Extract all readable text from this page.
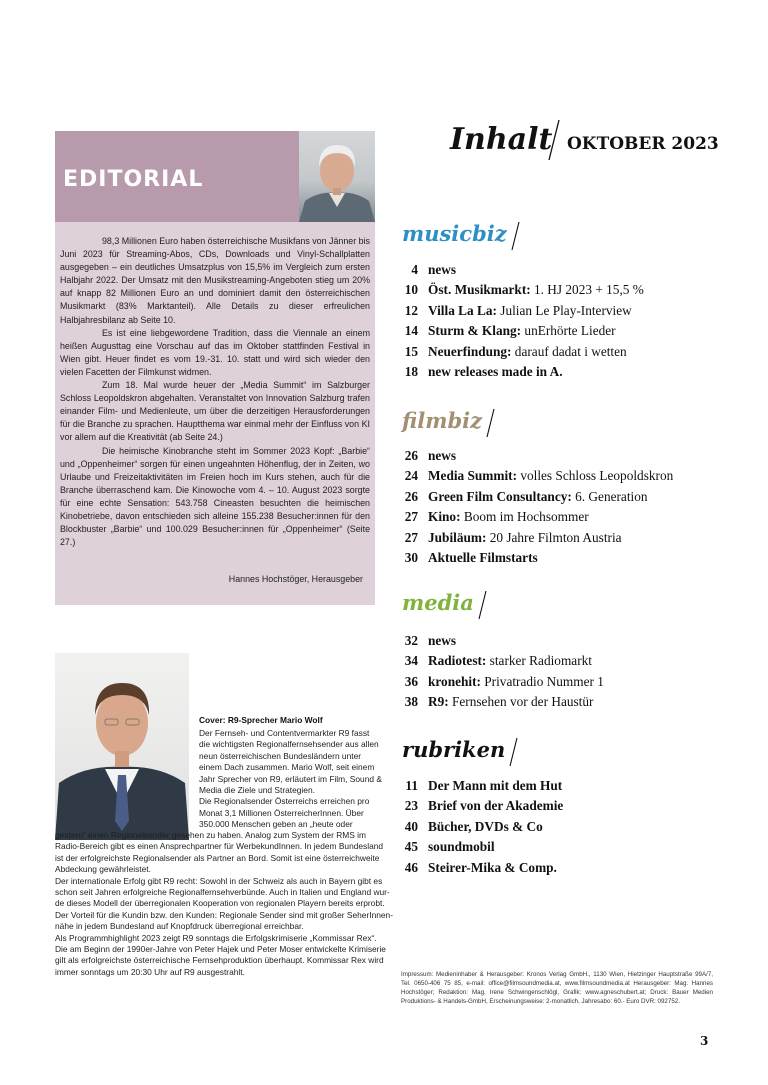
EDITORIAL

98,3 Millionen Euro haben österreichische Musikfans von Jänner bis Juni 2023 für Streaming-Abos, CDs, Downloads und Vinyl-Schallplatten ausgegeben – ein deutliches Umsatzplus von 15,5% im Vergleich zum ersten Halbjahr 2022. Der Umsatz mit den Musikstreaming-Angeboten stieg um 20% auf knapp 82 Millionen Euro an und dominiert damit den österreichischen Musikmarkt (83% Marktanteil). Alle Details zu dieser erfreulichen Halbjahresbilanz ab Seite 10.

Es ist eine liebgewordene Tradition, dass die Viennale an einem heißen Augusttag eine Vorschau auf das im Oktober stattfinden Festival in Wien gibt. Heuer findet es vom 19.-31. 10. statt und wird sich wieder den vielen Facetten der Filmkunst widmen.

Zum 18. Mal wurde heuer der „Media Summit“ im Salzburger Schloss Leopoldskron abgehalten. Veranstaltet von Innovation Salzburg trafen einander Film- und Medienleute, um über die derzeitigen Herausforderungen für die Branche zu sprachen. Hauptthema war einmal mehr der Einfluss von KI vor allem auf die Kreativität (ab Seite 24.)

Die heimische Kinobranche steht im Sommer 2023 Kopf: „Barbie“ und „Oppenheimer“ sorgen für einen ungeahnten Höhenflug, der in Zeiten, wo Urlaube und Freizeitaktivitäten im Freien hoch im Kurs stehen, auch für die Branche überraschend kam. Die Kinowoche vom 4. – 10. August 2023 sorgte für eine echte Sensation: 543.758 Cineasten besuchten die heimischen Kinobetriebe, davon entschieden sich alleine 155.238 Besucher:innen für den Blockbuster „Barbie“ und 100.029 Besucher:innen für „Oppenheimer“ (Seite 27.)

Hannes Hochstöger, Herausgeber
Cover: R9-Sprecher Mario Wolf
Der Fernseh- und Contentvermarkter R9 fasst
die wichtigsten Regionalfernsehsender aus allen
neun österreichischen Bundesländern unter
einem Dach zusammen. Mario Wolf, seit einem
Jahr Sprecher von R9, erläutert im Film, Sound &
Media die Ziele und Strategien.
Die Regionalsender Österreichs erreichen pro
Monat 3,1 Millionen ÖsterreicherInnen. Über
350.000 Menschen geben an „heute oder
gestern“ einen Regionalsender gesehen zu haben. Analog zum System der RMS im
Radio-Bereich gibt es einen Ansprechpartner für WerbekundInnen. In jedem Bundesland
ist der erfolgreichste Regionalsender als Partner an Bord. Somit ist eine österreichweite
Abdeckung gewährleistet.
Der internationale Erfolg gibt R9 recht: Sowohl in der Schweiz als auch in Bayern gibt es
schon seit Jahren erfolgreiche Regionalfernsehverbünde. Auch in Italien und England wur-
de dieses Modell der überregionalen Kooperation von regionalen Playern bereits erprobt.
Der Vorteil für die Kundin bzw. den Kunden: Regionale Sender sind mit großer SeherInnen-
nähe in jedem Bundesland auf Knopfdruck überregional erreichbar.
Als Programmhighlight 2023 zeigt R9 sonntags die Erfolgskrimiserie „Kommissar Rex“.
Die am Beginn der 1990er-Jahre von Peter Hajek und Peter Moser entwickelte Krimiserie
gilt als erfolgreichste österreichische Fernsehproduktion überhaupt. Kommissar Rex wird
immer sonntags um 20:30 Uhr auf R9 ausgestrahlt.
Inhalt OKTOBER 2023
musicbiz
4 news
10 Öst. Musikmarkt: 1. HJ 2023 + 15,5 %
12 Villa La La: Julian Le Play-Interview
14 Sturm & Klang: unErhörte Lieder
15 Neuerfindung: darauf dadat i wetten
18 new releases made in A.
filmbiz
26 news
24 Media Summit: volles Schloss Leopoldskron
26 Green Film Consultancy: 6. Generation
27 Kino: Boom im Hochsommer
27 Jubiläum: 20 Jahre Filmton Austria
30 Aktuelle Filmstarts
media
32 news
34 Radiotest: starker Radiomarkt
36 kronehit: Privatradio Nummer 1
38 R9: Fernsehen vor der Haustür
rubriken
11 Der Mann mit dem Hut
23 Brief von der Akademie
40 Bücher, DVDs & Co
45 soundmobil
46 Steirer-Mika & Comp.
Impressum: Medieninhaber & Herausgeber: Kronos Verlag GmbH., 1130 Wien, Hietzinger Hauptstraße 99A/7, Tel. 0650-406 75 85, e-mail: office@filmsoundmedia.at, www.filmsoundmedia.at Herausgeber: Mag. Hannes Hochstöger; Redaktion: Mag. Irene Schwingenschlögl, Grafik: www.agneschubert.at; Druck: Bauer Medien Produktions- & Handels-GmbH, Erscheinungsweise: 2-monatlich, Jahresabo: 60.- Euro DVR: 092752.
3
